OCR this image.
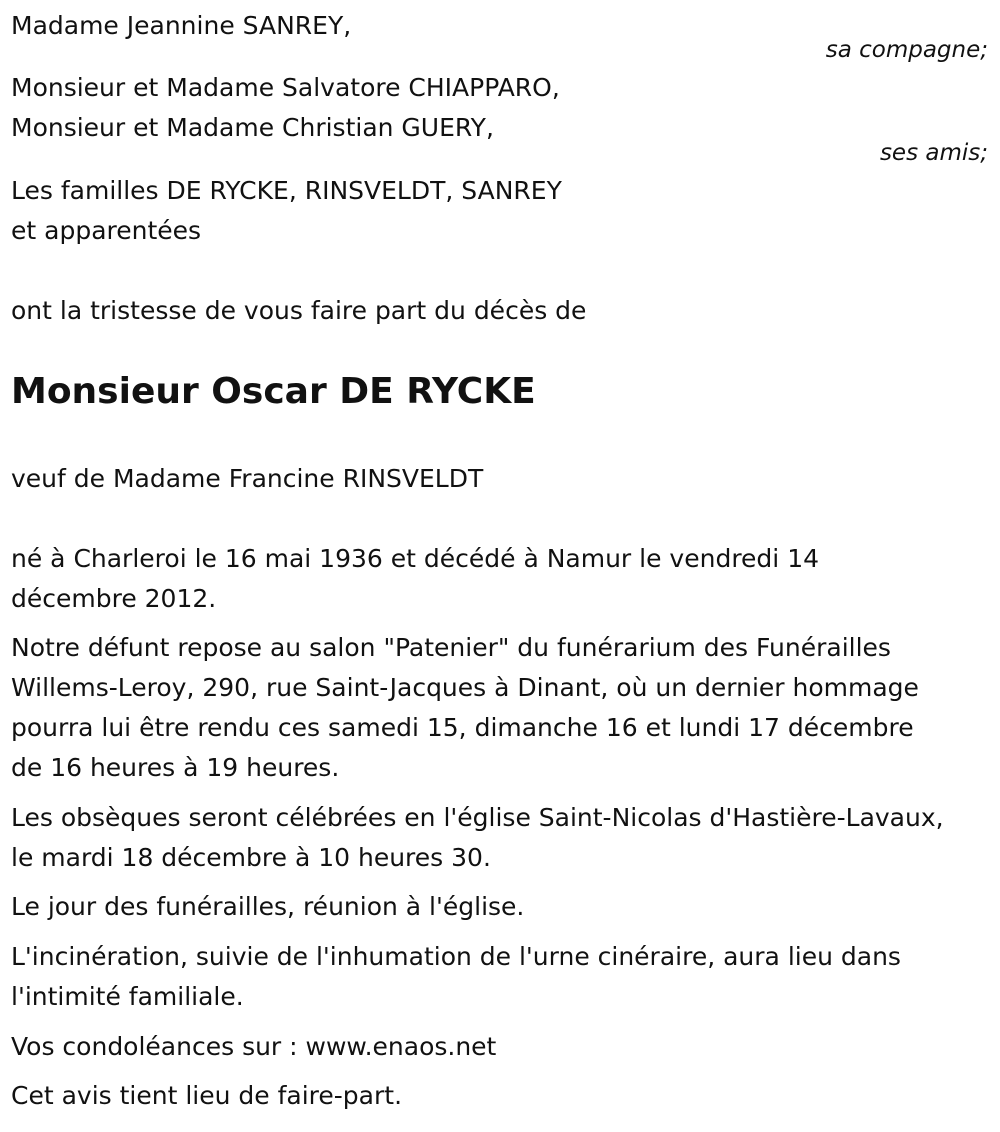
Madame Jeannine SANREY,
sa compagne;
Monsieur et Madame Salvatore CHIAPPARO,
Monsieur et Madame Christian GUERY,
ses amis;
Les familles DE RYCKE, RINSVELDT, SANREY
et apparentées
ont la tristesse de vous faire part du décès de
Monsieur Oscar DE RYCKE
veuf de Madame Francine RINSVELDT
né à Charleroi le 16 mai 1936 et décédé à Namur le vendredi 14
décembre 2012.
Notre défunt repose au salon "Patenier" du funérarium des Funérailles
Willems-Leroy, 290, rue Saint-Jacques à Dinant, où un dernier hommage
pourra lui être rendu ces samedi 15, dimanche 16 et lundi 17 décembre
de 16 heures à 19 heures.
Les obsèques seront célébrées en l'église Saint-Nicolas d'Hastière-Lavaux,
le mardi 18 décembre à 10 heures 30.
Le jour des funérailles, réunion à l'église.
L'incinération, suivie de l'inhumation de l'urne cinéraire, aura lieu dans
l'intimité familiale.
Vos condoléances sur : www.enaos.net
Cet avis tient lieu de faire-part.
